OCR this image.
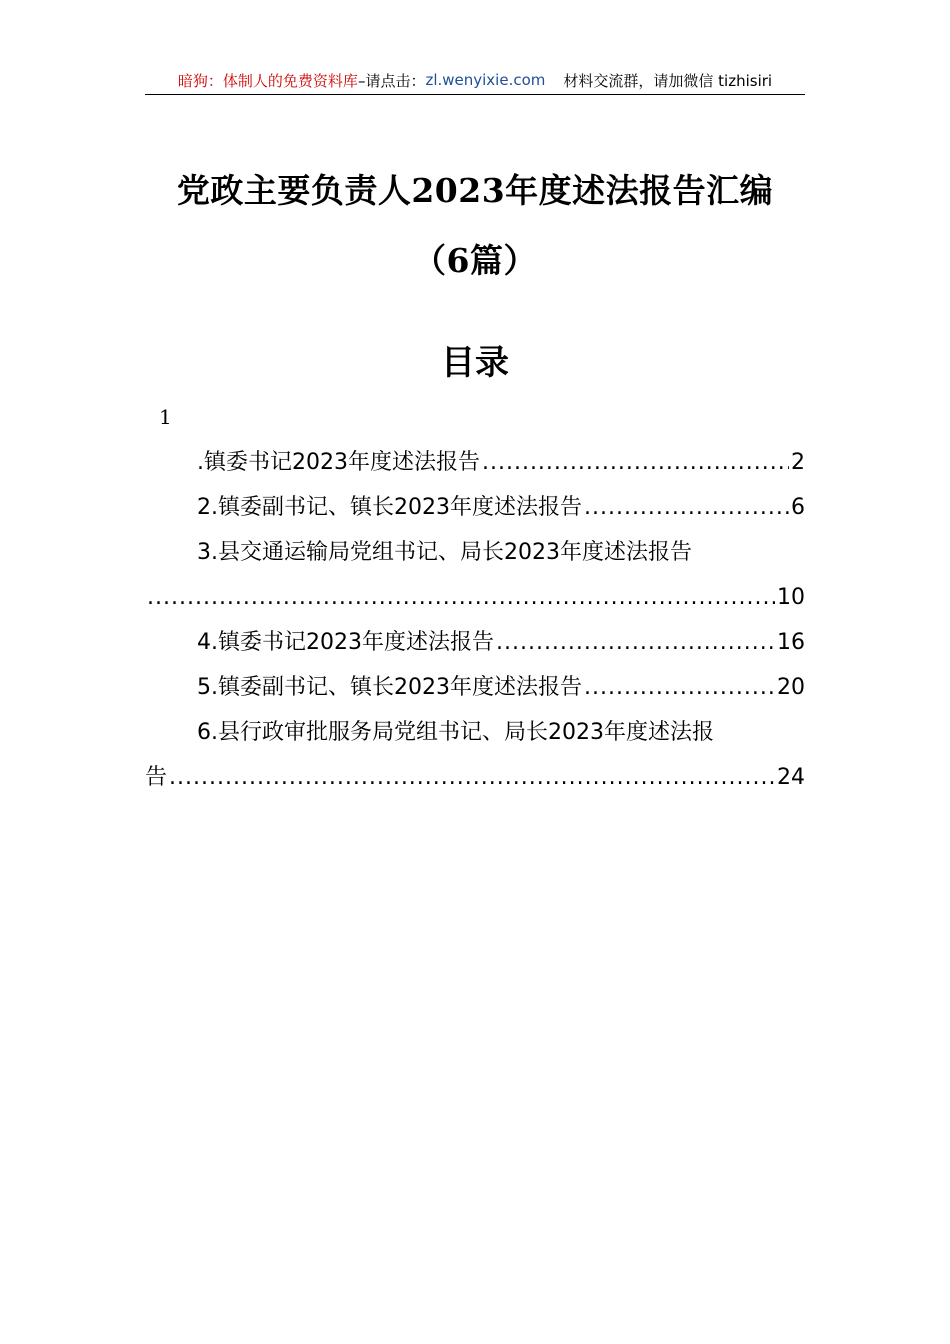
暗狗：体制人的免费资料库 –请点击： zl.wenyixie.com 材料交流群，请加微信 tizhisiri
党政主要负责人2023年度述法报告汇编
（6篇）
目录
1
.镇委书记2023年度述法报告 .....	2
2.镇委副书记、镇长2023年度述法报告 .....	6
3.县交通运输局党组书记、局长2023年度述法报告
.....
10
4.镇委书记2023年度述法报告 .....	16
5.镇委副书记、镇长2023年度述法报告 .....	20
6.县行政审批服务局党组书记、局长2023年度述法报
告 .....	24
